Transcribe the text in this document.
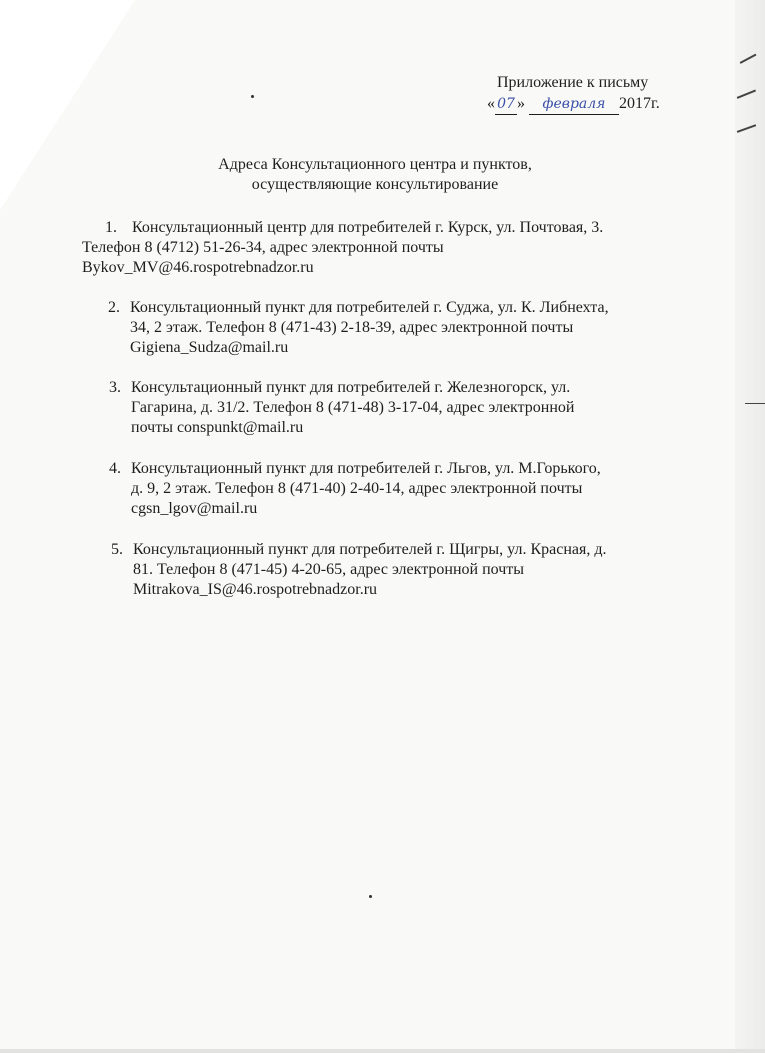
Приложение к письму
« 07 » февраля 2017г.
Адреса Консультационного центра и пунктов,
осуществляющие консультирование
1. Консультационный центр для потребителей г. Курск, ул. Почтовая, 3.
Телефон 8 (4712) 51-26-34, адрес электронной почты
Bykov_MV@46.rospotrebnadzor.ru
2. Консультационный пункт для потребителей г. Суджа, ул. К. Либнехта,
34, 2 этаж. Телефон 8 (471-43) 2-18-39, адрес электронной почты
Gigiena_Sudza@mail.ru
3. Консультационный пункт для потребителей г. Железногорск, ул.
Гагарина, д. 31/2. Телефон 8 (471-48) 3-17-04, адрес электронной
почты conspunkt@mail.ru
4. Консультационный пункт для потребителей г. Льгов, ул. М.Горького,
д. 9, 2 этаж. Телефон 8 (471-40) 2-40-14, адрес электронной почты
cgsn_lgov@mail.ru
5. Консультационный пункт для потребителей г. Щигры, ул. Красная, д.
81. Телефон 8 (471-45) 4-20-65, адрес электронной почты
Mitrakova_IS@46.rospotrebnadzor.ru
